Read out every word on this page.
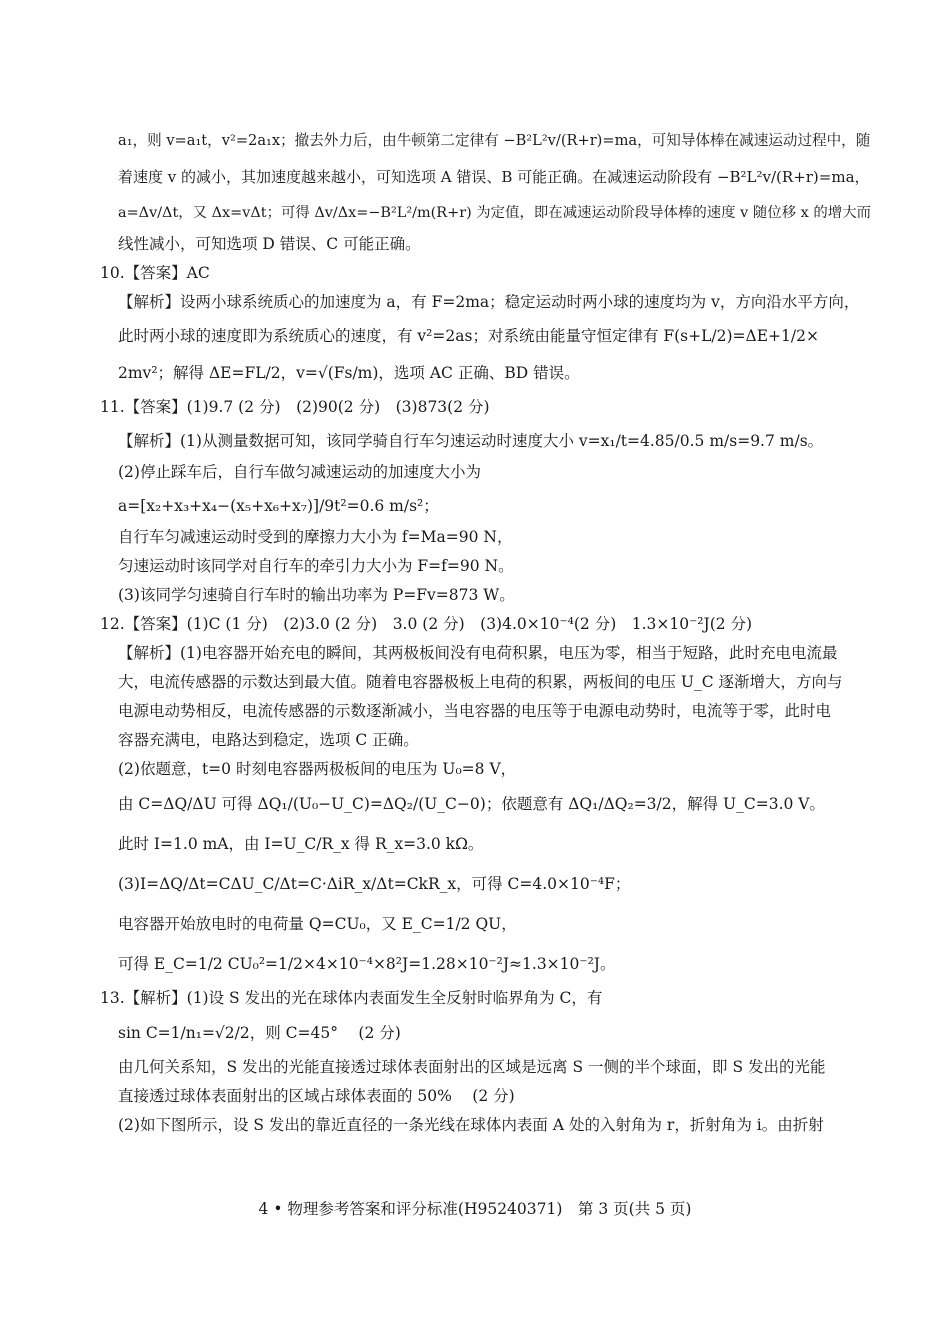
a₁，则 v=a₁t，v²=2a₁x；撤去外力后，由牛顿第二定律有 −B²L²v/(R+r)=ma，可知导体棒在减速运动过程中，随
着速度 v 的减小，其加速度越来越小，可知选项 A 错误、B 可能正确。在减速运动阶段有 −B²L²v/(R+r)=ma，
a=Δv/Δt，又 Δx=vΔt；可得 Δv/Δx=−B²L²/m(R+r) 为定值，即在减速运动阶段导体棒的速度 v 随位移 x 的增大而
线性减小，可知选项 D 错误、C 可能正确。
10.【答案】AC
【解析】设两小球系统质心的加速度为 a，有 F=2ma；稳定运动时两小球的速度均为 v，方向沿水平方向，
此时两小球的速度即为系统质心的速度，有 v²=2as；对系统由能量守恒定律有 F(s+L/2)=ΔE+1/2×
2mv²；解得 ΔE=FL/2，v=√(Fs/m)，选项 AC 正确、BD 错误。
11.【答案】(1)9.7 (2 分)　(2)90(2 分)　(3)873(2 分)
【解析】(1)从测量数据可知，该同学骑自行车匀速运动时速度大小 v=x₁/t=4.85/0.5 m/s=9.7 m/s。
(2)停止踩车后，自行车做匀减速运动的加速度大小为
a=[x₂+x₃+x₄−(x₅+x₆+x₇)]/9t²=0.6 m/s²；
自行车匀减速运动时受到的摩擦力大小为 f=Ma=90 N，
匀速运动时该同学对自行车的牵引力大小为 F=f=90 N。
(3)该同学匀速骑自行车时的输出功率为 P=Fv=873 W。
12.【答案】(1)C (1 分)　(2)3.0 (2 分)　3.0 (2 分)　(3)4.0×10⁻⁴(2 分)　1.3×10⁻²J(2 分)
【解析】(1)电容器开始充电的瞬间，其两极板间没有电荷积累，电压为零，相当于短路，此时充电电流最
大，电流传感器的示数达到最大值。随着电容器极板上电荷的积累，两板间的电压 U_C 逐渐增大，方向与
电源电动势相反，电流传感器的示数逐渐减小，当电容器的电压等于电源电动势时，电流等于零，此时电
容器充满电，电路达到稳定，选项 C 正确。
(2)依题意，t=0 时刻电容器两极板间的电压为 U₀=8 V，
由 C=ΔQ/ΔU 可得 ΔQ₁/(U₀−U_C)=ΔQ₂/(U_C−0)；依题意有 ΔQ₁/ΔQ₂=3/2，解得 U_C=3.0 V。
此时 I=1.0 mA，由 I=U_C/R_x 得 R_x=3.0 kΩ。
(3)I=ΔQ/Δt=CΔU_C/Δt=C·ΔiR_x/Δt=CkR_x，可得 C=4.0×10⁻⁴F；
电容器开始放电时的电荷量 Q=CU₀，又 E_C=1/2 QU，
可得 E_C=1/2 CU₀²=1/2×4×10⁻⁴×8²J=1.28×10⁻²J≈1.3×10⁻²J。
13.【解析】(1)设 S 发出的光在球体内表面发生全反射时临界角为 C，有
sin C=1/n₁=√2/2，则 C=45°　 (2 分)
由几何关系知，S 发出的光能直接透过球体表面射出的区域是远离 S 一侧的半个球面，即 S 发出的光能
直接透过球体表面射出的区域占球体表面的 50%　 (2 分)
(2)如下图所示，设 S 发出的靠近直径的一条光线在球体内表面 A 处的入射角为 r，折射角为 i。由折射
4 • 物理参考答案和评分标准(H95240371)　第 3 页(共 5 页)
